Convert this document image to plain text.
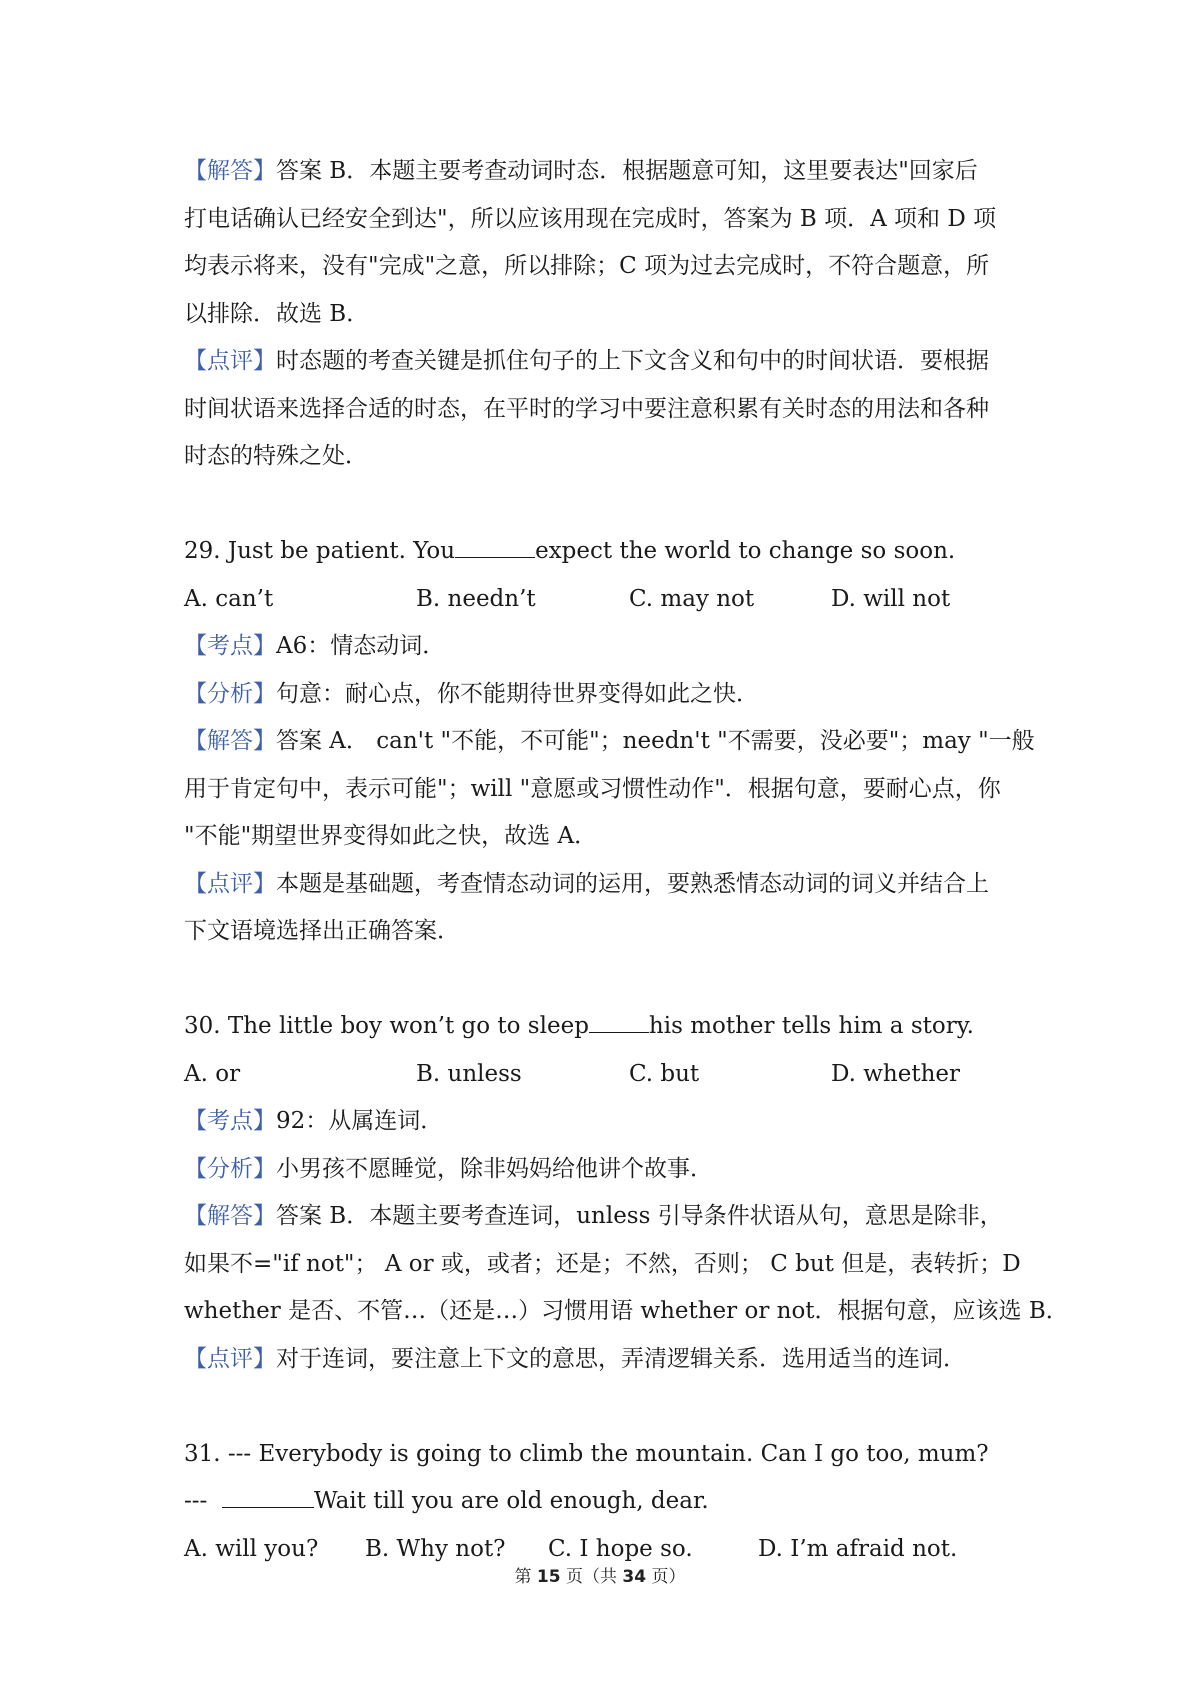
【解答】答案 B．本题主要考查动词时态．根据题意可知，这里要表达"回家后
打电话确认已经安全到达"，所以应该用现在完成时，答案为 B 项．A 项和 D 项
均表示将来，没有"完成"之意，所以排除；C 项为过去完成时，不符合题意，所
以排除．故选 B．
【点评】时态题的考查关键是抓住句子的上下文含义和句中的时间状语．要根据
时间状语来选择合适的时态，在平时的学习中要注意积累有关时态的用法和各种
时态的特殊之处．
29. Just be patient. You	expect the world to change so soon.
A. can’t	B. needn’t	C. may not	D. will not
【考点】A6：情态动词．
【分析】句意：耐心点，你不能期待世界变得如此之快．
【解答】答案 A． can't "不能，不可能"；needn't "不需要，没必要"；may "一般
用于肯定句中，表示可能"；will "意愿或习惯性动作"．根据句意，要耐心点，你
"不能"期望世界变得如此之快，故选 A．
【点评】本题是基础题，考查情态动词的运用，要熟悉情态动词的词义并结合上
下文语境选择出正确答案．
30. The little boy won’t go to sleep	his mother tells him a story.
A. or	B. unless	C. but	D. whether
【考点】92：从属连词．
【分析】小男孩不愿睡觉，除非妈妈给他讲个故事．
【解答】答案 B．本题主要考查连词，unless 引导条件状语从句，意思是除非，
如果不="if not"； A or 或，或者；还是；不然，否则； C but 但是，表转折；D
whether 是否、不管…（还是…）习惯用语 whether or not．根据句意，应该选 B．
【点评】对于连词，要注意上下文的意思，弄清逻辑关系．选用适当的连词．
31. --- Everybody is going to climb the mountain. Can I go too, mum?
---	Wait till you are old enough, dear.
A. will you? B. Why not? C. I hope so.	D. I’m afraid not.
第 15 页（共 34 页）
